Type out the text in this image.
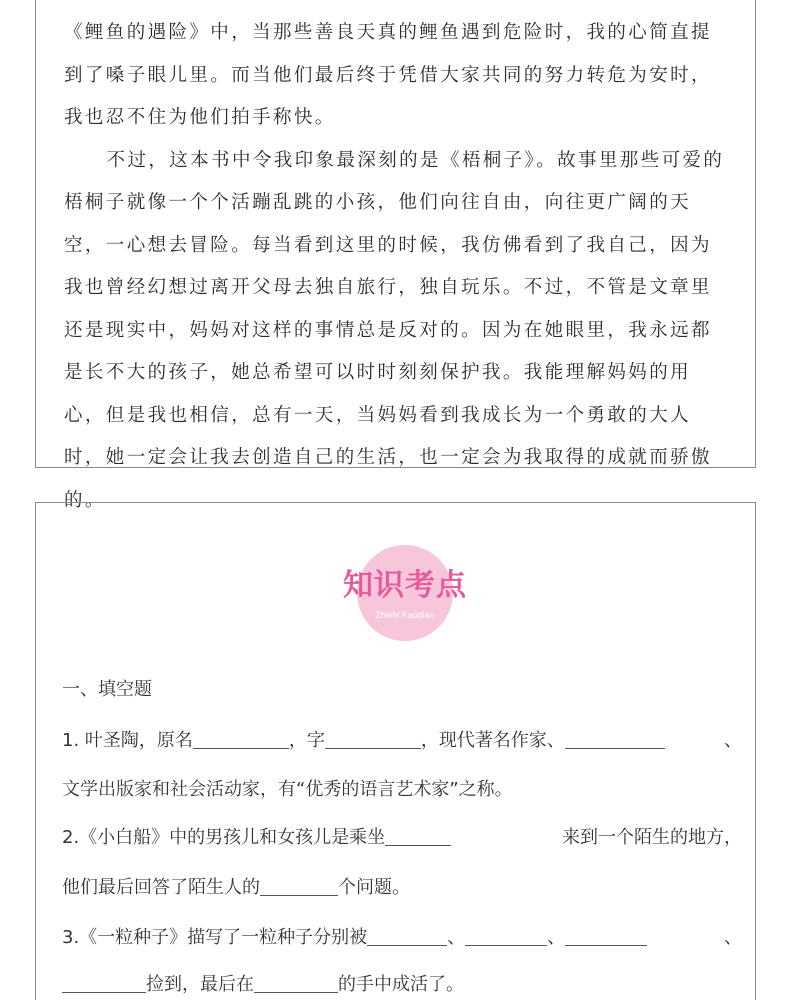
《鲤鱼的遇险》中，当那些善良天真的鲤鱼遇到危险时，我的心简直提到了嗓子眼儿里。而当他们最后终于凭借大家共同的努力转危为安时，我也忍不住为他们拍手称快。

不过，这本书中令我印象最深刻的是《梧桐子》。故事里那些可爱的梧桐子就像一个个活蹦乱跳的小孩，他们向往自由，向往更广阔的天空，一心想去冒险。每当看到这里的时候，我仿佛看到了我自己，因为我也曾经幻想过离开父母去独自旅行，独自玩乐。不过，不管是文章里还是现实中，妈妈对这样的事情总是反对的。因为在她眼里，我永远都是长不大的孩子，她总希望可以时时刻刻保护我。我能理解妈妈的用心，但是我也相信，总有一天，当妈妈看到我成长为一个勇敢的大人时，她一定会让我去创造自己的生活，也一定会为我取得的成就而骄傲的。

知识考点
Zhishi Kaodian
一、填空题
1. 叶圣陶，原名	，字	，现代著名作家、	、
文学出版家和社会活动家，有“优秀的语言艺术家”之称。
2.《小白船》中的男孩儿和女孩儿是乘坐	来到一个陌生的地方，
他们最后回答了陌生人的	个问题。
3.《一粒种子》描写了一粒种子分别被	、	、	、
捡到，最后在	的手中成活了。
